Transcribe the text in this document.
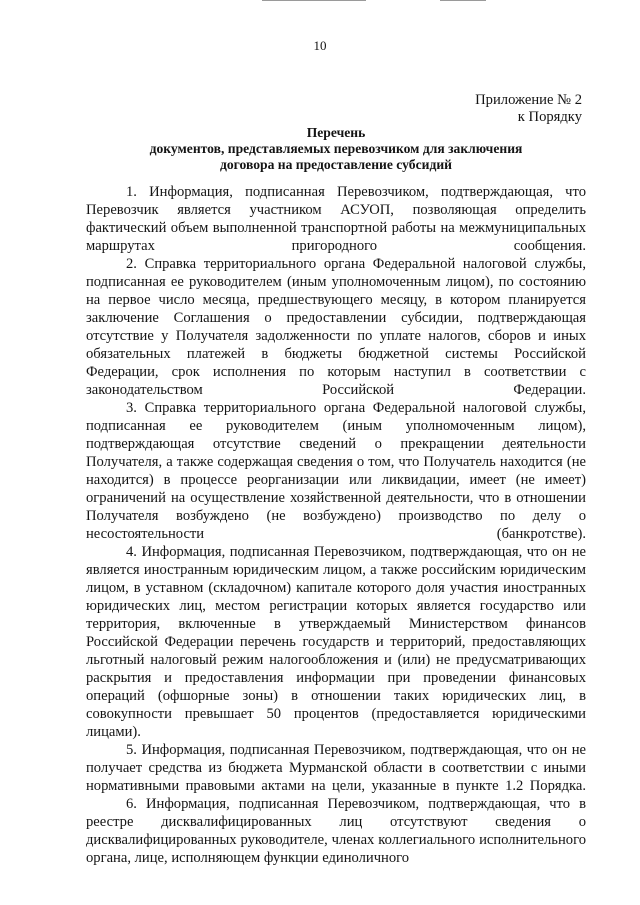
10
Приложение № 2
к Порядку
Перечень
документов, представляемых перевозчиком для заключения
договора на предоставление субсидий

1. Информация, подписанная Перевозчиком, подтверждающая, что Перевозчик является участником АСУОП, позволяющая определить фактический объем выполненной транспортной работы на межмуниципальных маршрутах пригородного сообщения.

2. Справка территориального органа Федеральной налоговой службы, подписанная ее руководителем (иным уполномоченным лицом), по состоянию на первое число месяца, предшествующего месяцу, в котором планируется заключение Соглашения о предоставлении субсидии, подтверждающая отсутствие у Получателя задолженности по уплате налогов, сборов и иных обязательных платежей в бюджеты бюджетной системы Российской Федерации, срок исполнения по которым наступил в соответствии с законодательством Российской Федерации.

3. Справка территориального органа Федеральной налоговой службы, подписанная ее руководителем (иным уполномоченным лицом), подтверждающая отсутствие сведений о прекращении деятельности Получателя, а также содержащая сведения о том, что Получатель находится (не находится) в процессе реорганизации или ликвидации, имеет (не имеет) ограничений на осуществление хозяйственной деятельности, что в отношении Получателя возбуждено (не возбуждено) производство по делу о несостоятельности (банкротстве).

4. Информация, подписанная Перевозчиком, подтверждающая, что он не является иностранным юридическим лицом, а также российским юридическим лицом, в уставном (складочном) капитале которого доля участия иностранных юридических лиц, местом регистрации которых является государство или территория, включенные в утверждаемый Министерством финансов Российской Федерации перечень государств и территорий, предоставляющих льготный налоговый режим налогообложения и (или) не предусматривающих раскрытия и предоставления информации при проведении финансовых операций (офшорные зоны) в отношении таких юридических лиц, в совокупности превышает 50 процентов (предоставляется юридическими лицами).

5. Информация, подписанная Перевозчиком, подтверждающая, что он не получает средства из бюджета Мурманской области в соответствии с иными нормативными правовыми актами на цели, указанные в пункте 1.2 Порядка.

6. Информация, подписанная Перевозчиком, подтверждающая, что в реестре дисквалифицированных лиц отсутствуют сведения о дисквалифицированных руководителе, членах коллегиального исполнительного органа, лице, исполняющем функции единоличного
